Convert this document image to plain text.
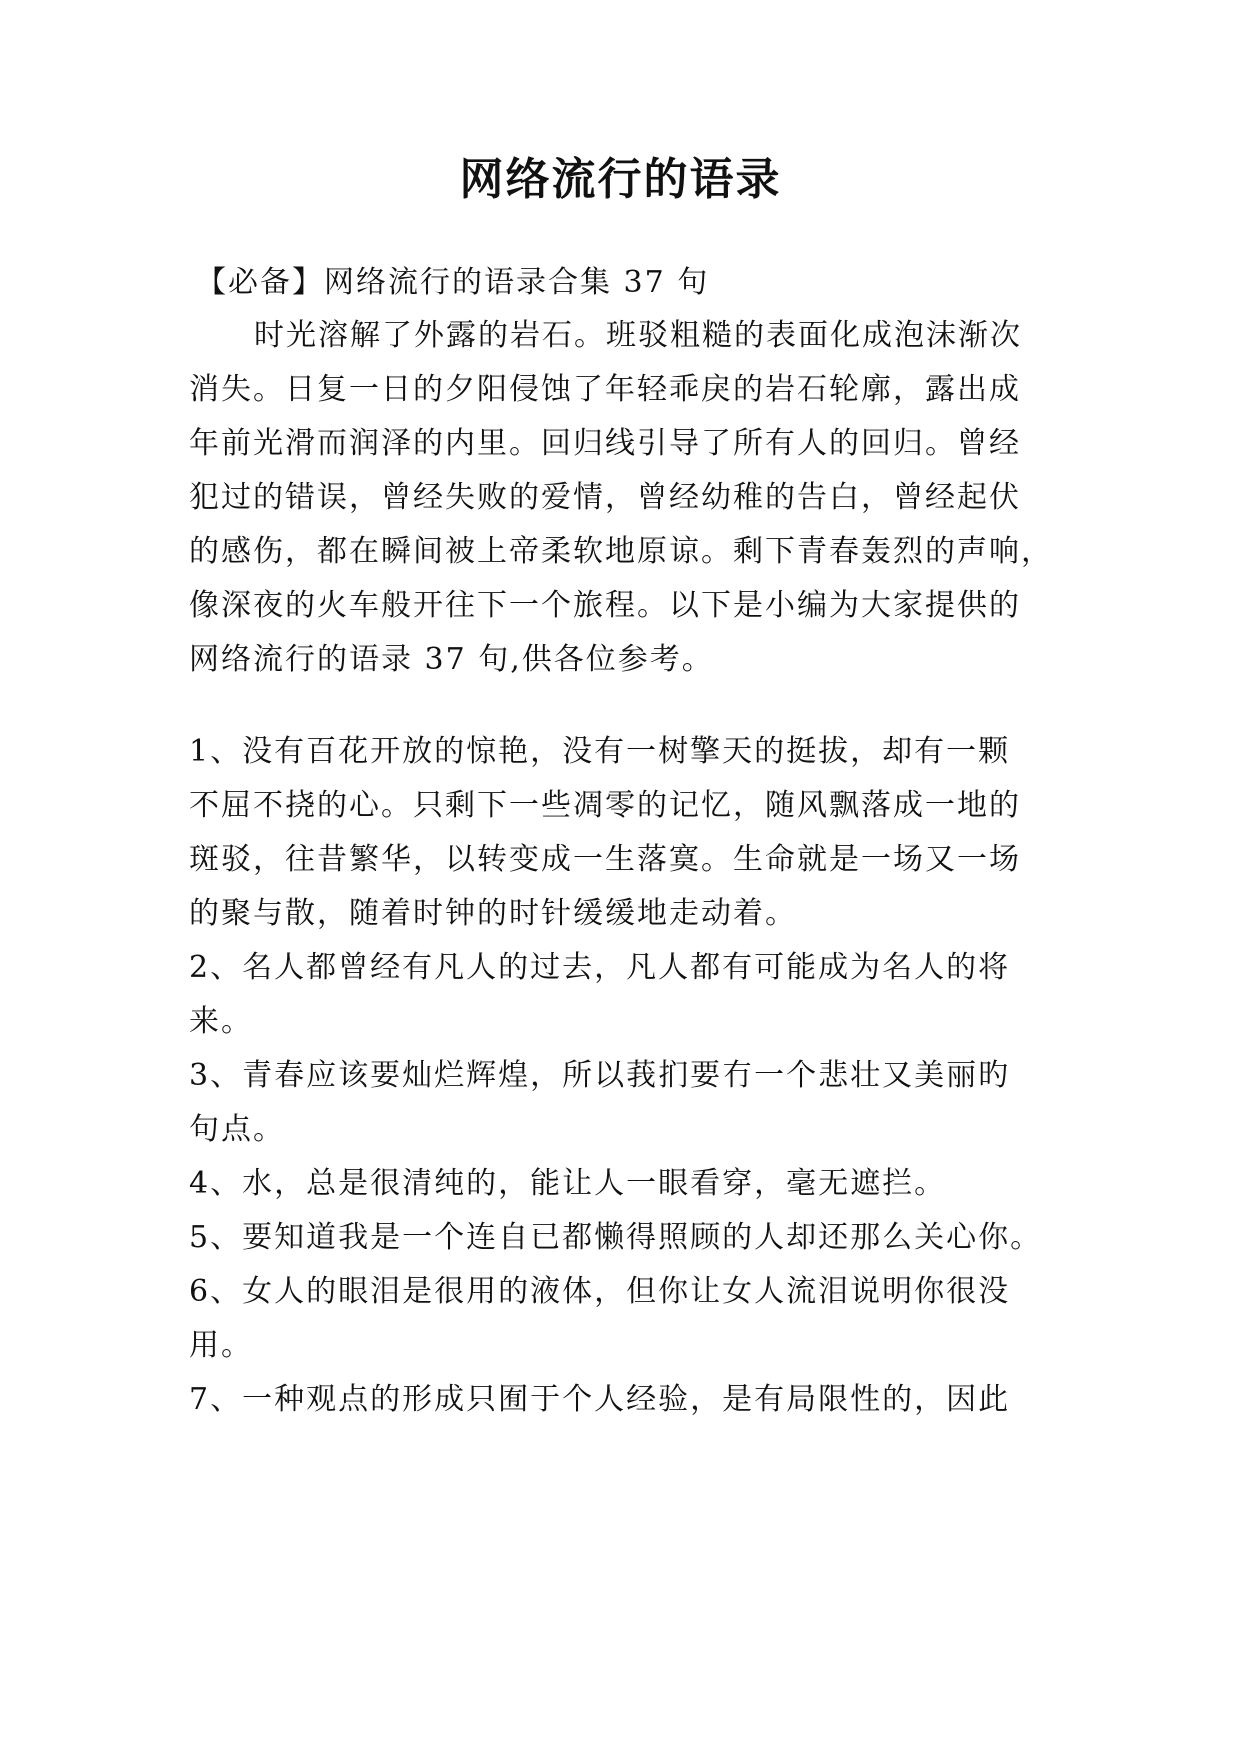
网络流行的语录
【必备】网络流行的语录合集 37 句
时光溶解了外露的岩石。班驳粗糙的表面化成泡沫渐次
消失。日复一日的夕阳侵蚀了年轻乖戾的岩石轮廓，露出成
年前光滑而润泽的内里。回归线引导了所有人的回归。曾经
犯过的错误，曾经失败的爱情，曾经幼稚的告白，曾经起伏
的感伤，都在瞬间被上帝柔软地原谅。剩下青春轰烈的声响，
像深夜的火车般开往下一个旅程。以下是小编为大家提供的
网络流行的语录 37 句,供各位参考。
1、没有百花开放的惊艳，没有一树擎天的挺拔，却有一颗
不屈不挠的心。只剩下一些凋零的记忆，随风飘落成一地的
斑驳，往昔繁华，以转变成一生落寞。生命就是一场又一场
的聚与散，随着时钟的时针缓缓地走动着。
2、名人都曾经有凡人的过去，凡人都有可能成为名人的将
来。
3、青春应该要灿烂辉煌，所以莪扪要冇一个悲壮又美丽旳
句点。
4、水，总是很清纯的，能让人一眼看穿，毫无遮拦。
5、要知道我是一个连自已都懒得照顾的人却还那么关心你。
6、女人的眼泪是很用的液体，但你让女人流泪说明你很没
用。
7、一种观点的形成只囿于个人经验，是有局限性的，因此
